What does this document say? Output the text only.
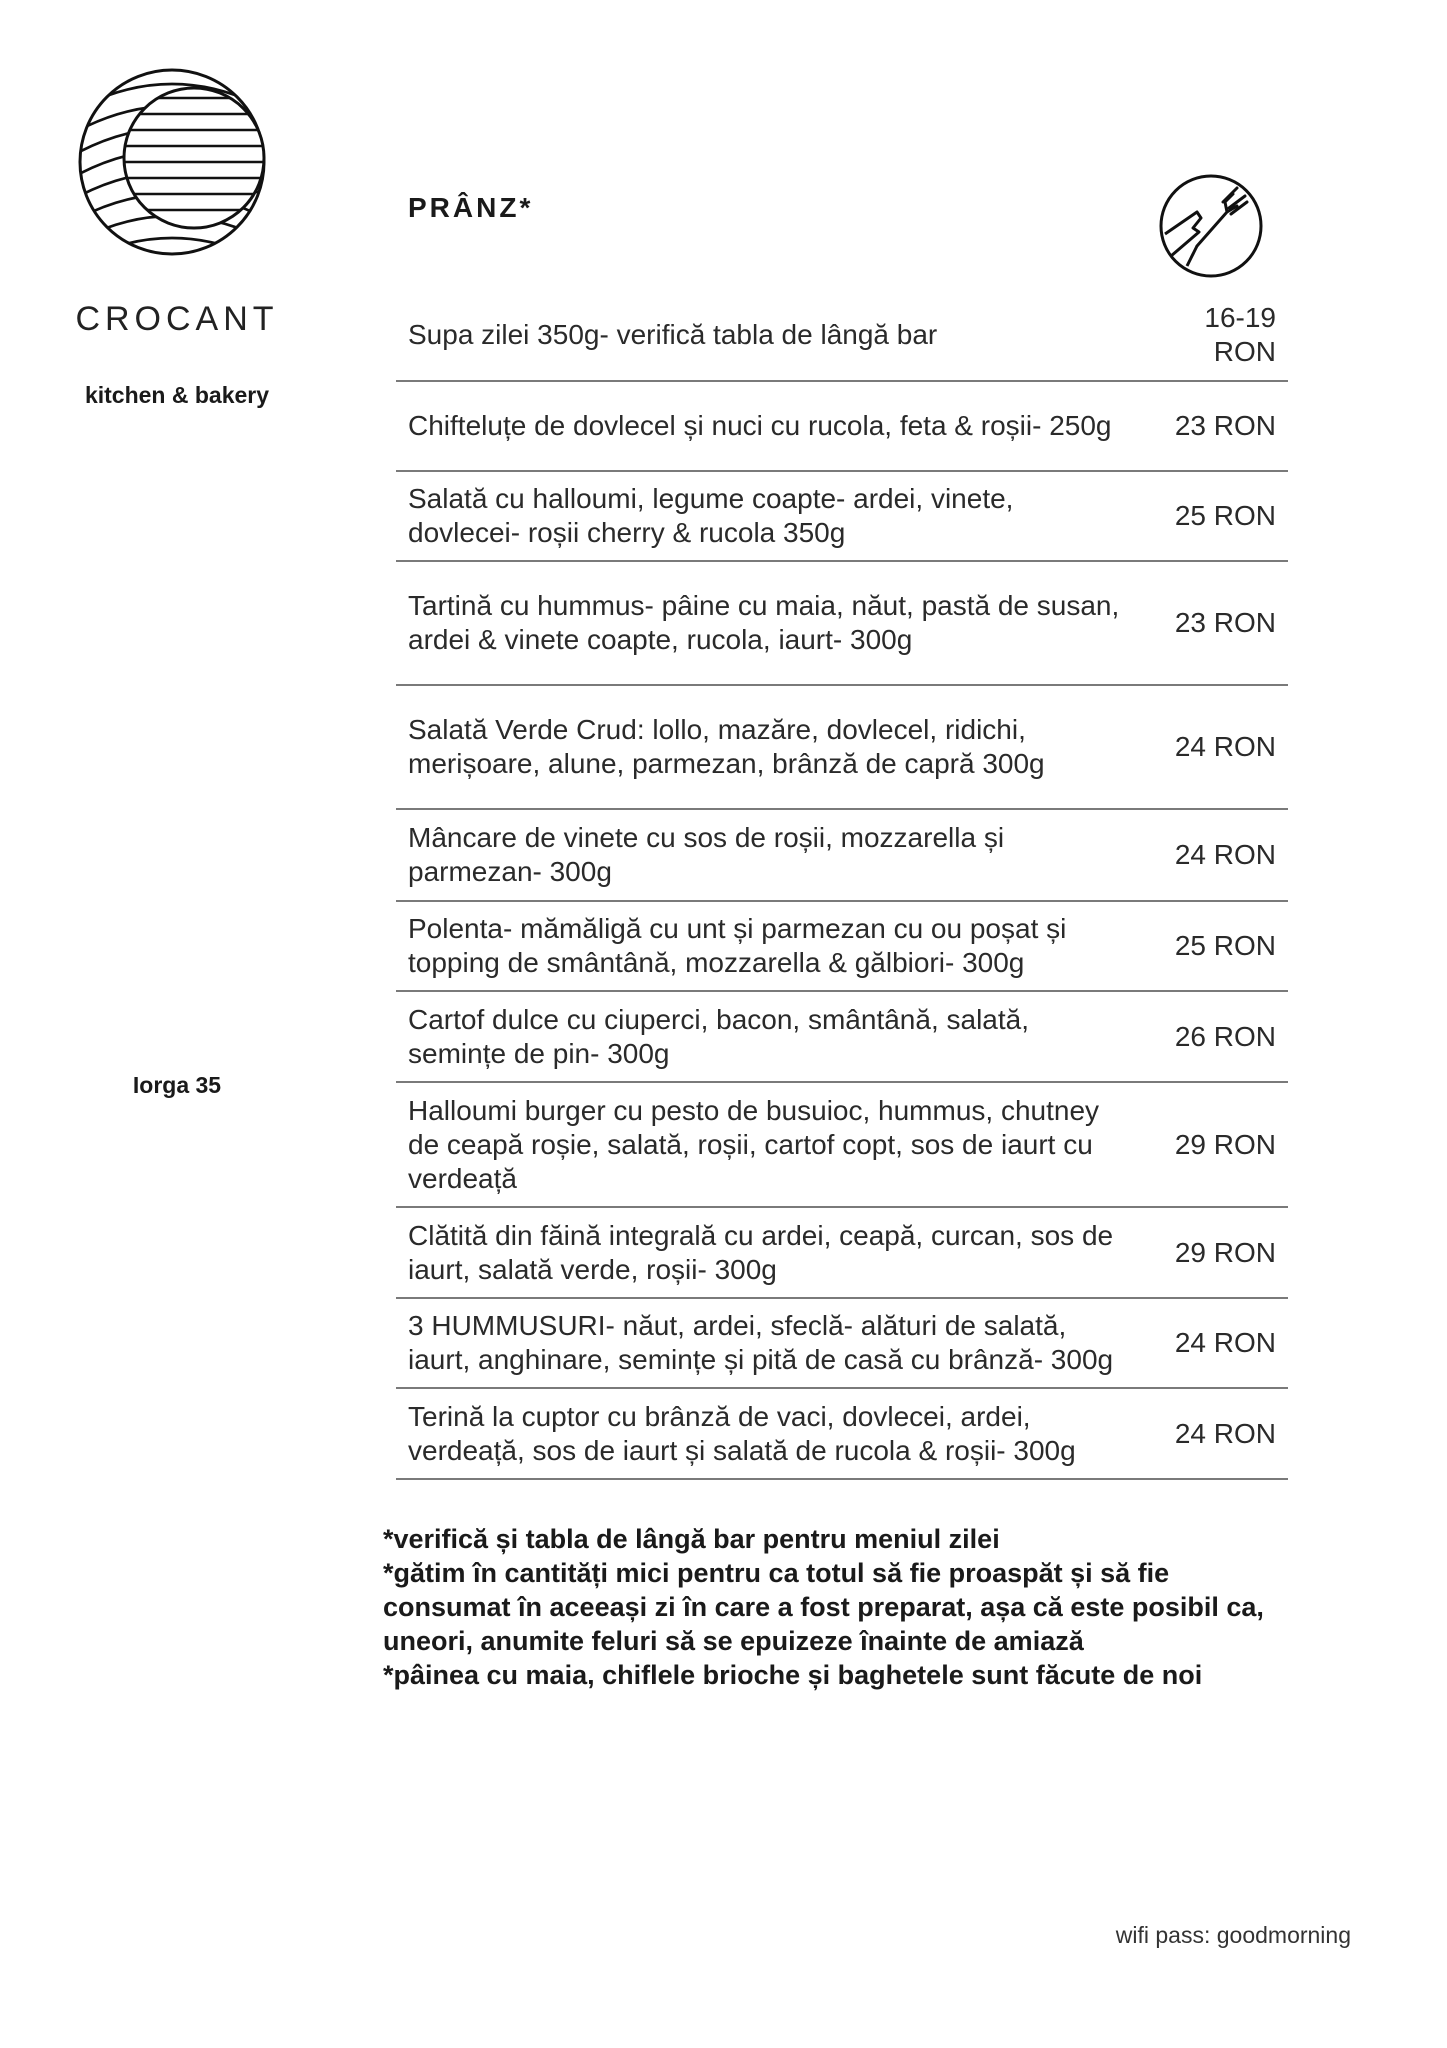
CROCANT
kitchen & bakery
Iorga 35
PRÂNZ*
Supa zilei 350g- verifică tabla de lângă bar
16-19 RON
Chifteluțe de dovlecel și nuci cu rucola, feta & roșii- 250g	23 RON
Salată cu halloumi, legume coapte- ardei, vinete, dovlecei- roșii cherry & rucola 350g
25 RON
Tartină cu hummus- pâine cu maia, năut, pastă de susan, ardei & vinete coapte, rucola, iaurt- 300g
23 RON
Salată Verde Crud: lollo, mazăre, dovlecel, ridichi, merișoare, alune, parmezan, brânză de capră 300g
24 RON
Mâncare de vinete cu sos de roșii, mozzarella și parmezan- 300g
24 RON
Polenta- mămăligă cu unt și parmezan cu ou poșat și topping de smântână, mozzarella & gălbiori- 300g
25 RON
Cartof dulce cu ciuperci, bacon, smântână, salată, semințe de pin- 300g
26 RON
Halloumi burger cu pesto de busuioc, hummus, chutney de ceapă roșie, salată, roșii, cartof copt, sos de iaurt cu verdeață
29 RON
Clătită din făină integrală cu ardei, ceapă, curcan, sos de iaurt, salată verde, roșii- 300g
29 RON
3 HUMMUSURI- năut, ardei, sfeclă- alături de salată, iaurt, anghinare, semințe și pită de casă cu brânză- 300g
24 RON
Terină la cuptor cu brânză de vaci, dovlecei, ardei, verdeață, sos de iaurt și salată de rucola & roșii- 300g
24 RON

*verifică și tabla de lângă bar pentru meniul zilei

*gătim în cantități mici pentru ca totul să fie proaspăt și să fie consumat în aceeași zi în care a fost preparat, așa că este posibil ca, uneori, anumite feluri să se epuizeze înainte de amiază

*pâinea cu maia, chiflele brioche și baghetele sunt făcute de noi

wifi pass: goodmorning
